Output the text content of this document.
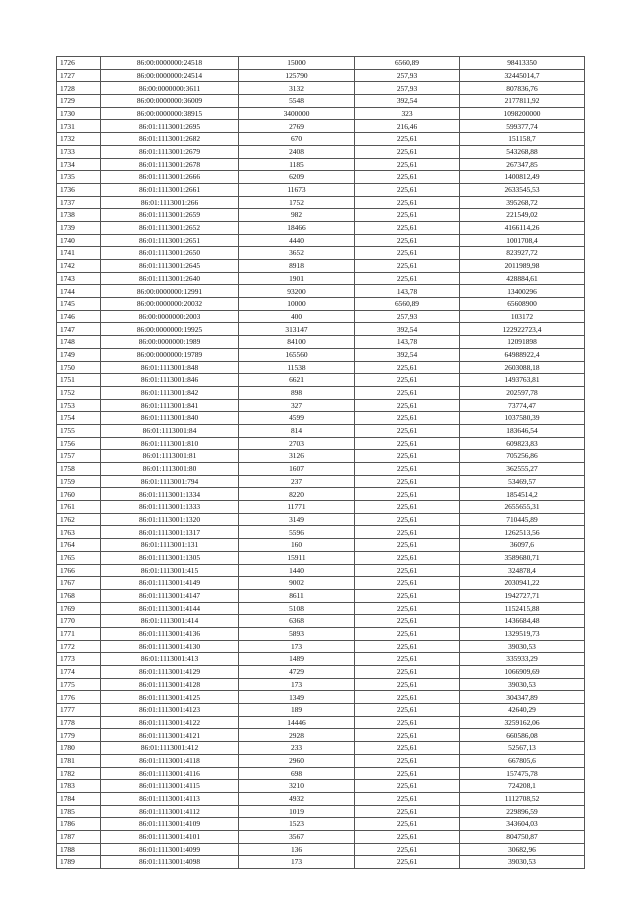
1726	86:00:0000000:24518	15000	6560,89	98413350
1727	86:00:0000000:24514	125790	257,93	32445014,7
1728	86:00:0000000:3611	3132	257,93	807836,76
1729	86:00:0000000:36009	5548	392,54	2177811,92
1730	86:00:0000000:38915	3400000	323	1098200000
1731	86:01:1113001:2695	2769	216,46	599377,74
1732	86:01:1113001:2682	670	225,61	151158,7
1733	86:01:1113001:2679	2408	225,61	543268,88
1734	86:01:1113001:2678	1185	225,61	267347,85
1735	86:01:1113001:2666	6209	225,61	1400812,49
1736	86:01:1113001:2661	11673	225,61	2633545,53
1737	86:01:1113001:266	1752	225,61	395268,72
1738	86:01:1113001:2659	982	225,61	221549,02
1739	86:01:1113001:2652	18466	225,61	4166114,26
1740	86:01:1113001:2651	4440	225,61	1001708,4
1741	86:01:1113001:2650	3652	225,61	823927,72
1742	86:01:1113001:2645	8918	225,61	2011989,98
1743	86:01:1113001:2640	1901	225,61	428884,61
1744	86:00:0000000:12991	93200	143,78	13400296
1745	86:00:0000000:20032	10000	6560,89	65608900
1746	86:00:0000000:2003	400	257,93	103172
1747	86:00:0000000:19925	313147	392,54	122922723,4
1748	86:00:0000000:1989	84100	143,78	12091898
1749	86:00:0000000:19789	165560	392,54	64988922,4
1750	86:01:1113001:848	11538	225,61	2603088,18
1751	86:01:1113001:846	6621	225,61	1493763,81
1752	86:01:1113001:842	898	225,61	202597,78
1753	86:01:1113001:841	327	225,61	73774,47
1754	86:01:1113001:840	4599	225,61	1037580,39
1755	86:01:1113001:84	814	225,61	183646,54
1756	86:01:1113001:810	2703	225,61	609823,83
1757	86:01:1113001:81	3126	225,61	705256,86
1758	86:01:1113001:80	1607	225,61	362555,27
1759	86:01:1113001:794	237	225,61	53469,57
1760	86:01:1113001:1334	8220	225,61	1854514,2
1761	86:01:1113001:1333	11771	225,61	2655655,31
1762	86:01:1113001:1320	3149	225,61	710445,89
1763	86:01:1113001:1317	5596	225,61	1262513,56
1764	86:01:1113001:131	160	225,61	36097,6
1765	86:01:1113001:1305	15911	225,61	3589680,71
1766	86:01:1113001:415	1440	225,61	324878,4
1767	86:01:1113001:4149	9002	225,61	2030941,22
1768	86:01:1113001:4147	8611	225,61	1942727,71
1769	86:01:1113001:4144	5108	225,61	1152415,88
1770	86:01:1113001:414	6368	225,61	1436684,48
1771	86:01:1113001:4136	5893	225,61	1329519,73
1772	86:01:1113001:4130	173	225,61	39030,53
1773	86:01:1113001:413	1489	225,61	335933,29
1774	86:01:1113001:4129	4729	225,61	1066909,69
1775	86:01:1113001:4128	173	225,61	39030,53
1776	86:01:1113001:4125	1349	225,61	304347,89
1777	86:01:1113001:4123	189	225,61	42640,29
1778	86:01:1113001:4122	14446	225,61	3259162,06
1779	86:01:1113001:4121	2928	225,61	660586,08
1780	86:01:1113001:412	233	225,61	52567,13
1781	86:01:1113001:4118	2960	225,61	667805,6
1782	86:01:1113001:4116	698	225,61	157475,78
1783	86:01:1113001:4115	3210	225,61	724208,1
1784	86:01:1113001:4113	4932	225,61	1112708,52
1785	86:01:1113001:4112	1019	225,61	229896,59
1786	86:01:1113001:4109	1523	225,61	343604,03
1787	86:01:1113001:4101	3567	225,61	804750,87
1788	86:01:1113001:4099	136	225,61	30682,96
1789	86:01:1113001:4098	173	225,61	39030,53
